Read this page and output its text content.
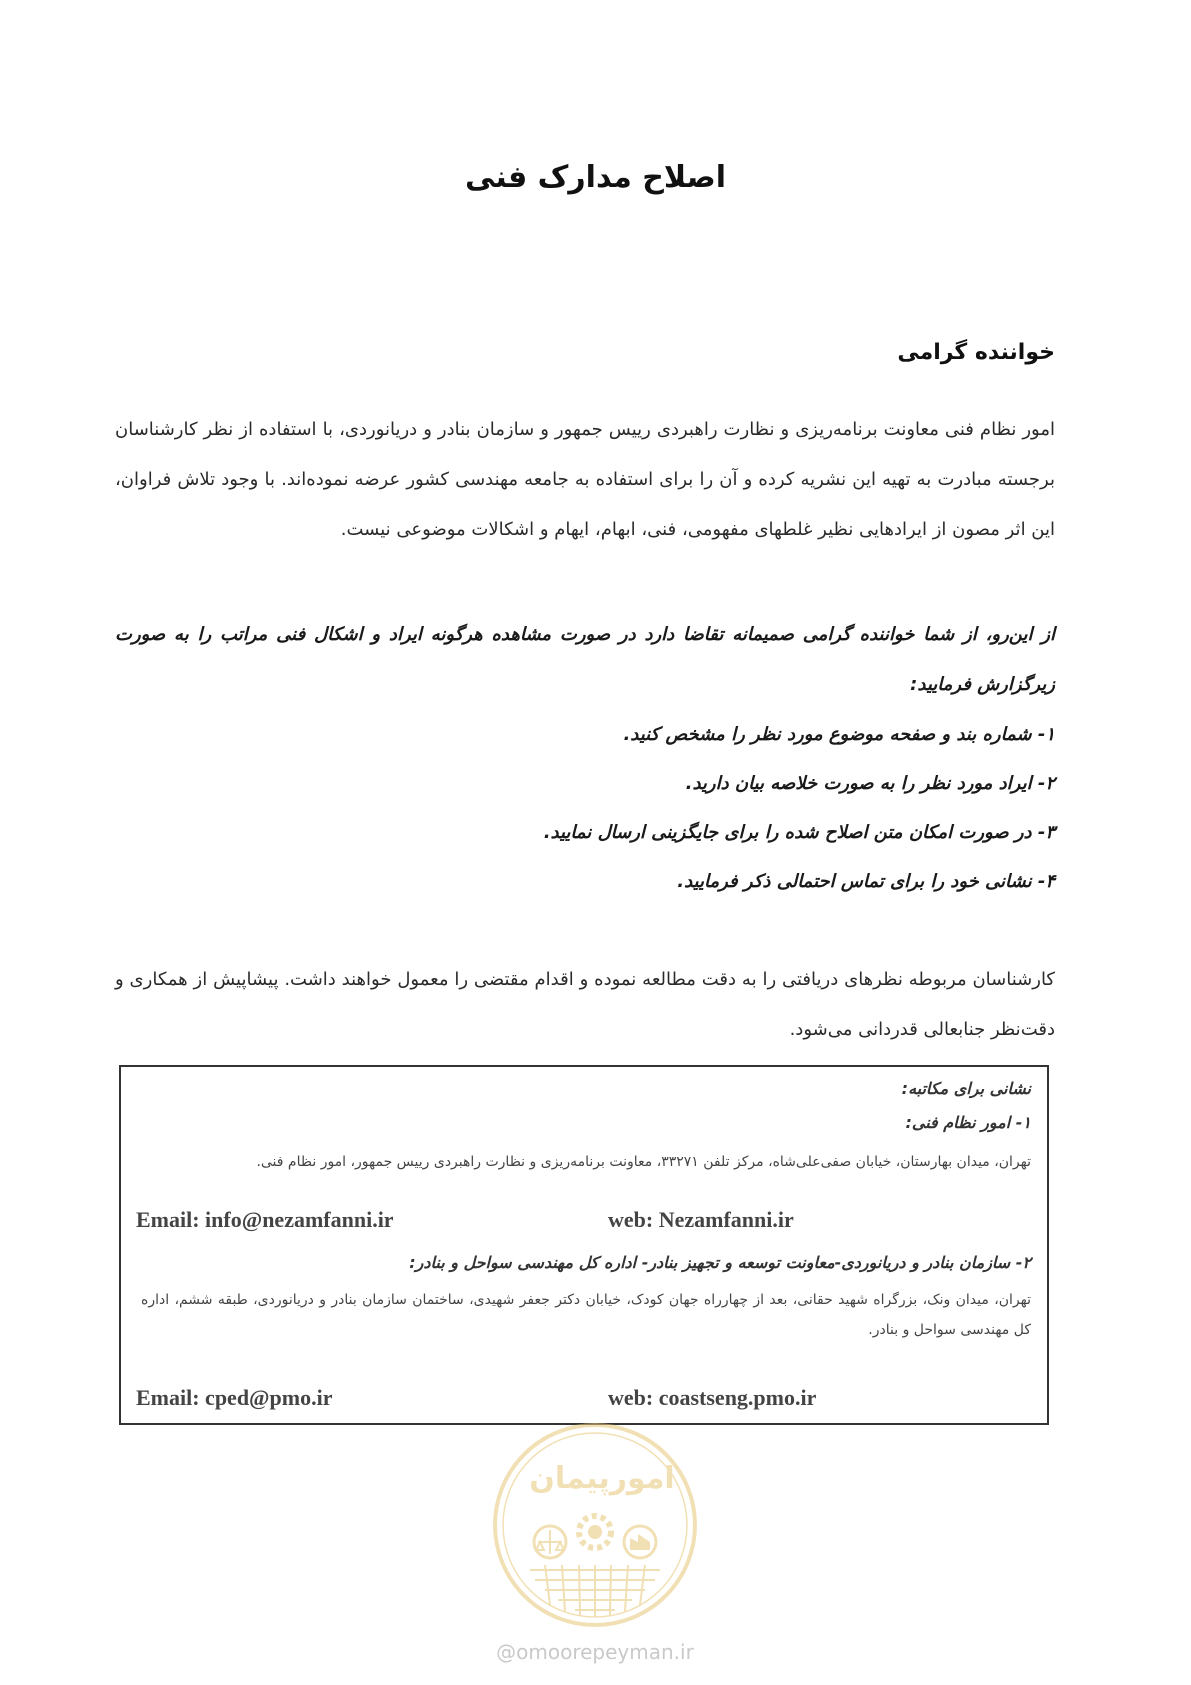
اصلاح مدارک فنی
خواننده گرامی

امور نظام فنی معاونت برنامه‌ریزی و نظارت راهبردی رییس جمهور و سازمان بنادر و دریانوردی، با استفاده از نظر کارشناسان برجسته مبادرت به تهیه این نشریه کرده و آن را برای استفاده به جامعه مهندسی کشور عرضه نموده‌اند. با وجود تلاش فراوان، این اثر مصون از ایرادهایی نظیر غلطهای مفهومی، فنی، ابهام، ایهام و اشکالات موضوعی نیست.

از این‌رو، از شما خواننده گرامی صمیمانه تقاضا دارد در صورت مشاهده هرگونه ایراد و اشکال فنی مراتب را به صورت زیرگزارش فرمایید:

۱- شماره بند و صفحه موضوع مورد نظر را مشخص کنید.
۲- ایراد مورد نظر را به صورت خلاصه بیان دارید.
۳- در صورت امکان متن اصلاح شده را برای جایگزینی ارسال نمایید.
۴- نشانی خود را برای تماس احتمالی ذکر فرمایید.

کارشناسان مربوطه نظرهای دریافتی را به دقت مطالعه نموده و اقدام مقتضی را معمول خواهند داشت. پیشاپیش از همکاری و دقت‌نظر جنابعالی قدردانی می‌شود.

نشانی برای مکاتبه:
۱- امور نظام فنی:
تهران، میدان بهارستان، خیابان صفی‌علی‌شاه، مرکز تلفن ۳۳۲۷۱، معاونت برنامه‌ریزی و نظارت راهبردی رییس جمهور، امور نظام فنی.
Email: info@nezamfanni.ir	web: Nezamfanni.ir
۲- سازمان بنادر و دریانوردی-معاونت توسعه و تجهیز بنادر- اداره کل مهندسی سواحل و بنادر:
تهران، میدان ونک، بزرگراه شهید حقانی، بعد از چهارراه جهان کودک، خیابان دکتر جعفر شهیدی، ساختمان سازمان بنادر و دریانوردی، طبقه ششم، اداره کل مهندسی سواحل و بنادر.
Email: cped@pmo.ir	web: coastseng.pmo.ir
امورپیمان
@omoorepeyman.ir
